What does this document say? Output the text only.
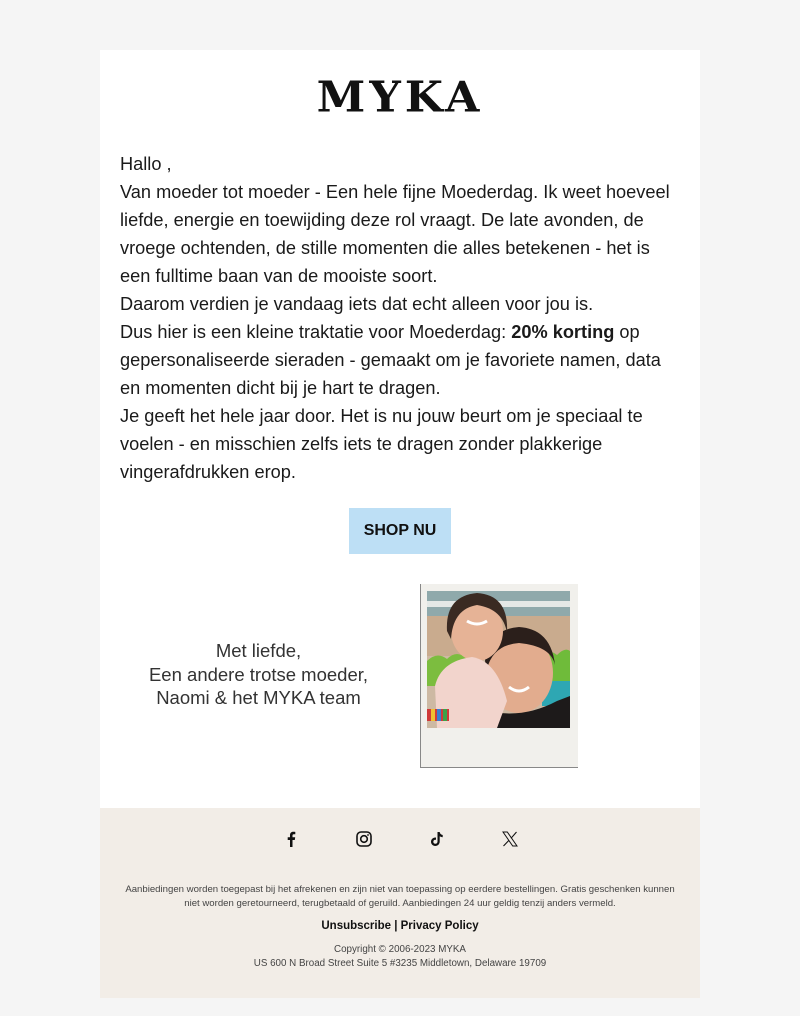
MYKA

Hallo ,

Van moeder tot moeder - Een hele fijne Moederdag. Ik weet hoeveel liefde, energie en toewijding deze rol vraagt. De late avonden, de vroege ochtenden, de stille momenten die alles betekenen - het is een fulltime baan van de mooiste soort.

Daarom verdien je vandaag iets dat echt alleen voor jou is.

Dus hier is een kleine traktatie voor Moederdag: 20% korting op gepersonaliseerde sieraden - gemaakt om je favoriete namen, data en momenten dicht bij je hart te dragen.

Je geeft het hele jaar door. Het is nu jouw beurt om je speciaal te voelen - en misschien zelfs iets te dragen zonder plakkerige vingerafdrukken erop.

SHOP NU
Met liefde,
Een andere trotse moeder,
Naomi & het MYKA team
Aanbiedingen worden toegepast bij het afrekenen en zijn niet van toepassing op eerdere bestellingen. Gratis geschenken kunnen niet worden geretourneerd, terugbetaald of geruild. Aanbiedingen 24 uur geldig tenzij anders vermeld.
Unsubscribe | Privacy Policy
Copyright © 2006-2023 MYKA
US 600 N Broad Street Suite 5 #3235 Middletown, Delaware 19709
